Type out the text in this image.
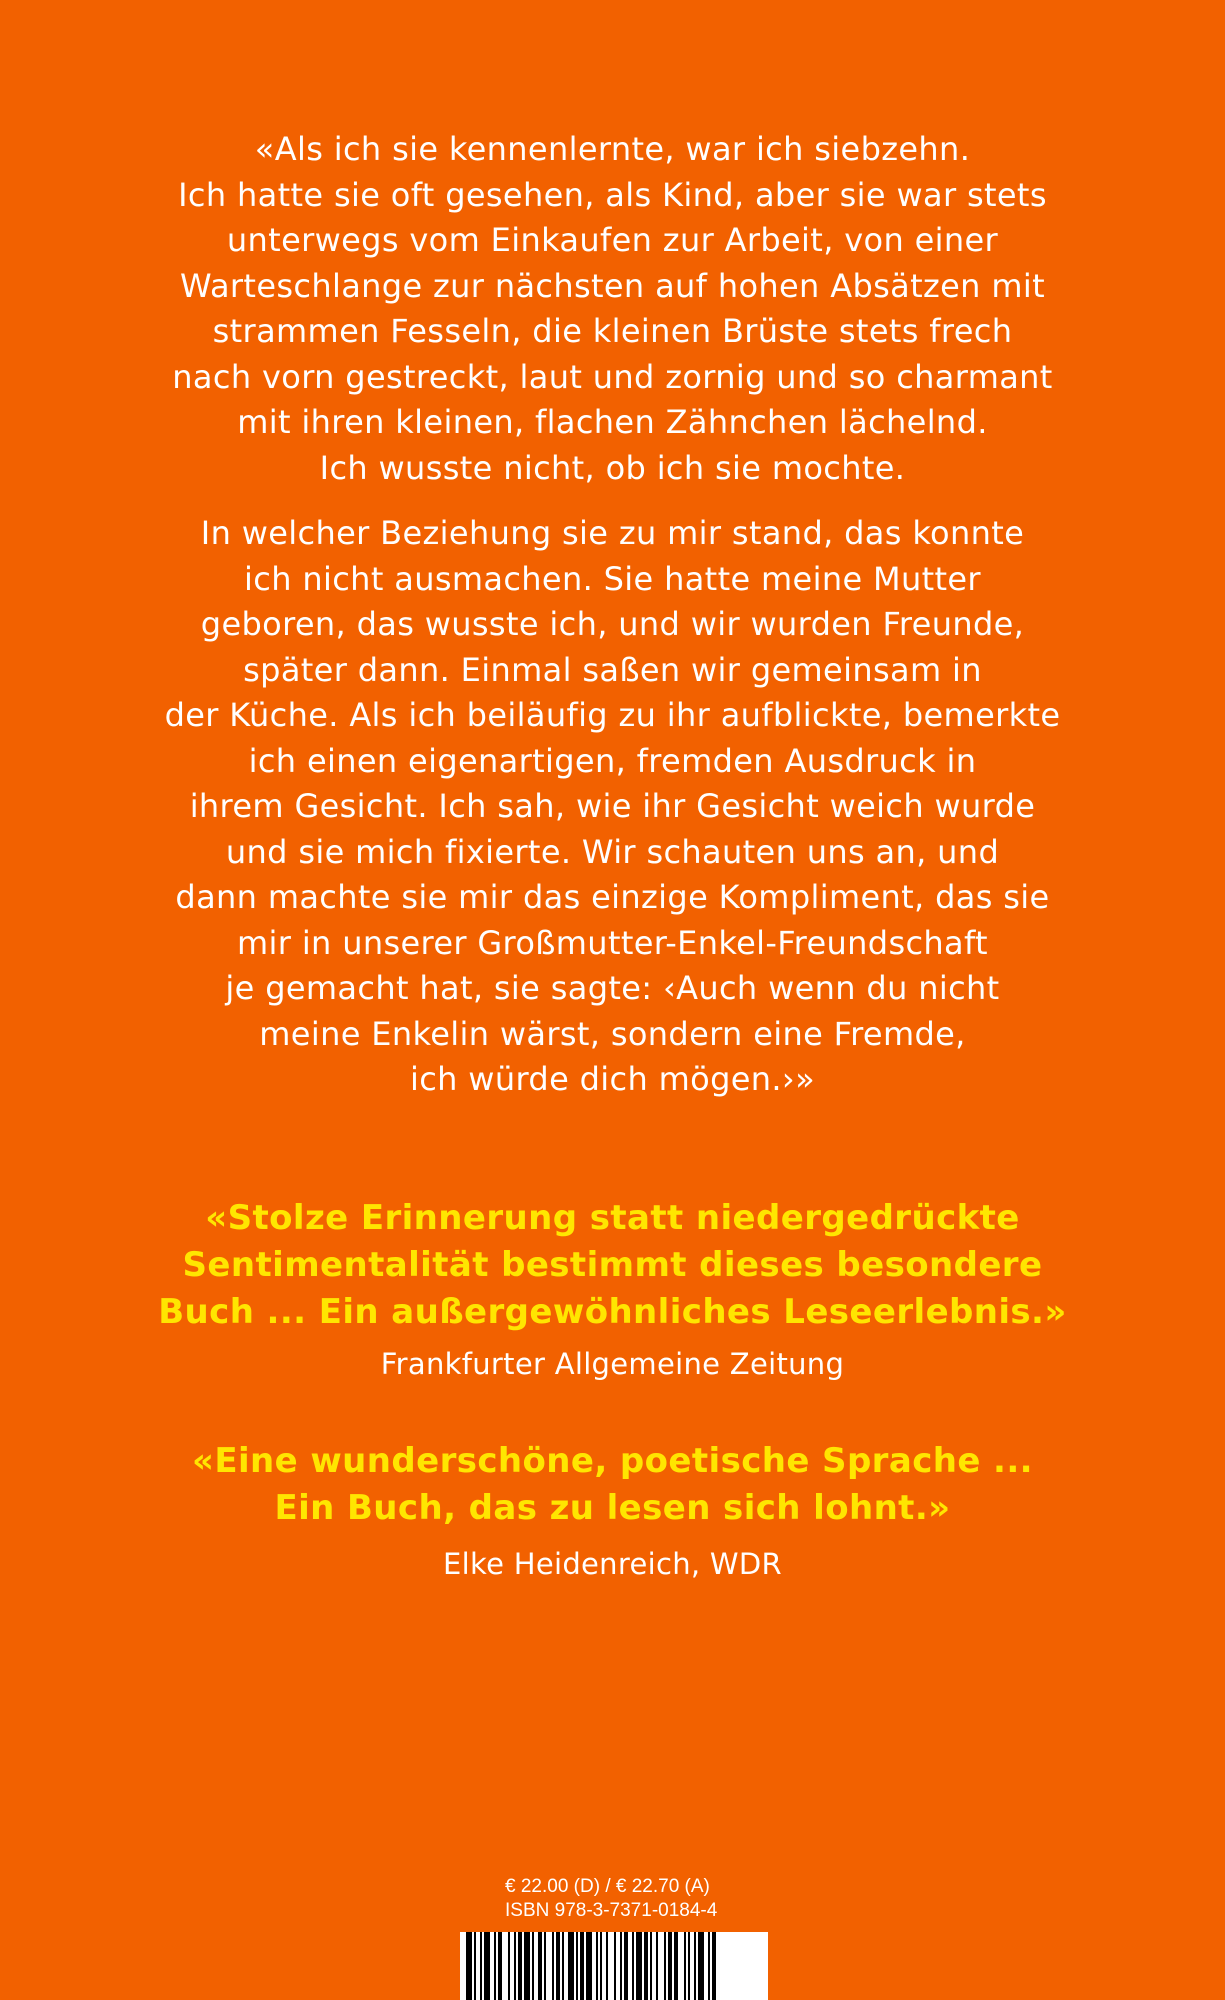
«Als ich sie kennenlernte, war ich siebzehn.
Ich hatte sie oft gesehen, als Kind, aber sie war stets
unterwegs vom Einkaufen zur Arbeit, von einer
Warteschlange zur nächsten auf hohen Absätzen mit
strammen Fesseln, die kleinen Brüste stets frech
nach vorn gestreckt, laut und zornig und so charmant
mit ihren kleinen, flachen Zähnchen lächelnd.
Ich wusste nicht, ob ich sie mochte.

In welcher Beziehung sie zu mir stand, das konnte
ich nicht ausmachen. Sie hatte meine Mutter
geboren, das wusste ich, und wir wurden Freunde,
später dann. Einmal saßen wir gemeinsam in
der Küche. Als ich beiläufig zu ihr aufblickte, bemerkte
ich einen eigenartigen, fremden Ausdruck in
ihrem Gesicht. Ich sah, wie ihr Gesicht weich wurde
und sie mich fixierte. Wir schauten uns an, und
dann machte sie mir das einzige Kompliment, das sie
mir in unserer Großmutter-Enkel-Freundschaft
je gemacht hat, sie sagte: ‹Auch wenn du nicht
meine Enkelin wärst, sondern eine Fremde,
ich würde dich mögen.›»

«Stolze Erinnerung statt niedergedrückte
Sentimentalität bestimmt dieses besondere
Buch ... Ein außergewöhnliches Leseerlebnis.»

Frankfurter Allgemeine Zeitung

«Eine wunderschöne, poetische Sprache ...
Ein Buch, das zu lesen sich lohnt.»

Elke Heidenreich, WDR

€ 22.00 (D) / € 22.70 (A)
ISBN 978-3-7371-0184-4
